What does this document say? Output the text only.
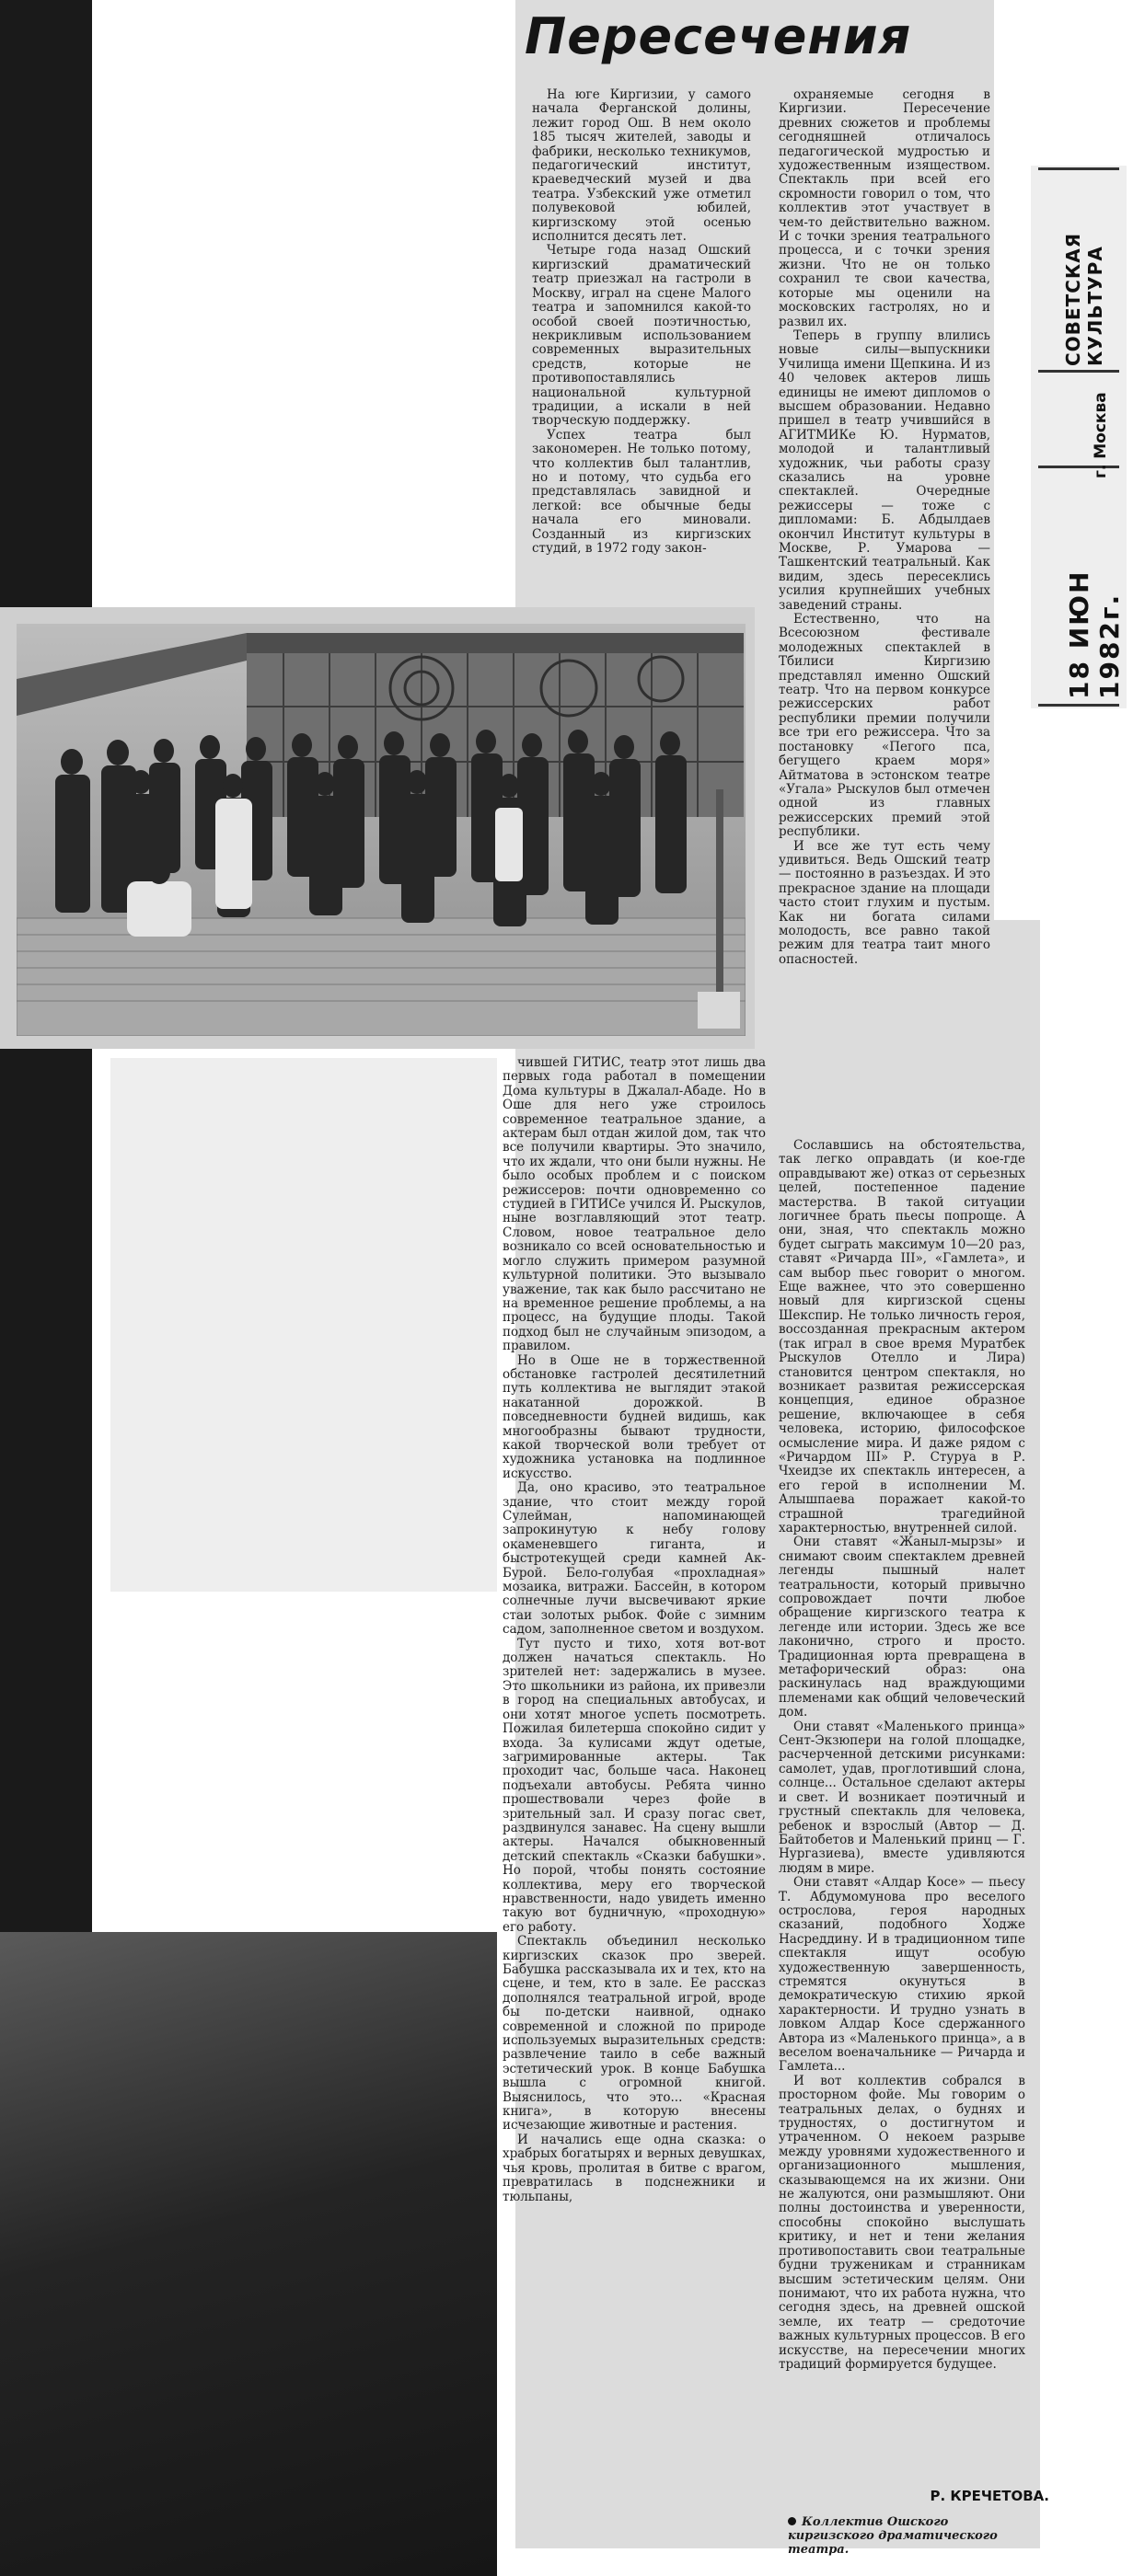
Пересечения

На юге Киргизии, у самого начала Ферганской долины, лежит город Ош. В нем около 185 тысяч жителей, заводы и фабрики, несколько техникумов, педагогический институт, краеведческий музей и два театра. Узбекский уже отметил полувековой юбилей, киргизскому этой осенью исполнится десять лет.

Четыре года назад Ошский киргизский драматический театр приезжал на гастроли в Москву, играл на сцене Малого театра и запомнился какой-то особой своей поэтичностью, некрикливым использованием современных выразительных средств, которые не противопоставлялись национальной культурной традиции, а искали в ней творческую поддержку.

Успех театра был закономерен. Не только потому, что коллектив был талантлив, но и потому, что судьба его представлялась завидной и легкой: все обычные беды начала его миновали. Созданный из киргизских студий, в 1972 году закон-

охраняемые сегодня в Киргизии. Пересечение древних сюжетов и проблемы сегодняшней отличалось педагогической мудростью и художественным изяществом. Спектакль при всей его скромности говорил о том, что коллектив этот участвует в чем-то действительно важном. И с точки зрения театрального процесса, и с точки зрения жизни. Что не он только сохранил те свои качества, которые мы оценили на московских гастролях, но и развил их.

Теперь в группу влились новые силы—выпускники Училища имени Щепкина. И из 40 человек актеров лишь единицы не имеют дипломов о высшем образовании. Недавно пришел в театр учившийся в АГИТМИКе Ю. Нурматов, молодой и талантливый художник, чьи работы сразу сказались на уровне спектаклей. Очередные режиссеры — тоже с дипломами: Б. Абдылдаев окончил Институт культуры в Москве, Р. Умарова — Ташкентский театральный. Как видим, здесь пересеклись усилия крупнейших учебных заведений страны.

Естественно, что на Всесоюзном фестивале молодежных спектаклей в Тбилиси Киргизию представлял именно Ошский театр. Что на первом конкурсе режиссерских работ республики премии получили все три его режиссера. Что за постановку «Пегого пса, бегущего краем моря» Айтматова в эстонском театре «Угала» Рыскулов был отмечен одной из главных режиссерских премий этой республики.

И все же тут есть чему удивиться. Ведь Ошский театр — постоянно в разъездах. И это прекрасное здание на площади часто стоит глухим и пустым. Как ни богата силами молодость, все равно такой режим для театра таит много опасностей.

чившей ГИТИС, театр этот лишь два первых года работал в помещении Дома культуры в Джалал-Абаде. Но в Оше для него уже строилось современное театральное здание, а актерам был отдан жилой дом, так что все получили квартиры. Это значило, что их ждали, что они были нужны. Не было особых проблем и с поиском режиссеров: почти одновременно со студией в ГИТИСе учился И. Рыскулов, ныне возглавляющий этот театр. Словом, новое театральное дело возникало со всей основательностью и могло служить примером разумной культурной политики. Это вызывало уважение, так как было рассчитано не на временное решение проблемы, а на процесс, на будущие плоды. Такой подход был не случайным эпизодом, а правилом.

Но в Оше не в торжественной обстановке гастролей десятилетний путь коллектива не выглядит этакой накатанной дорожкой. В повседневности будней видишь, как многообразны бывают трудности, какой творческой воли требует от художника установка на подлинное искусство.

Да, оно красиво, это театральное здание, что стоит между горой Сулейман, напоминающей запрокинутую к небу голову окаменевшего гиганта, и быстротекущей среди камней Ак-Бурой. Бело-голубая «прохладная» мозаика, витражи. Бассейн, в котором солнечные лучи высвечивают яркие стаи золотых рыбок. Фойе с зимним садом, заполненное светом и воздухом.

Тут пусто и тихо, хотя вот-вот должен начаться спектакль. Но зрителей нет: задержались в музее. Это школьники из района, их привезли в город на специальных автобусах, и они хотят многое успеть посмотреть. Пожилая билетерша спокойно сидит у входа. За кулисами ждут одетые, загримированные актеры. Так проходит час, больше часа. Наконец подъехали автобусы. Ребята чинно прошествовали через фойе в зрительный зал. И сразу погас свет, раздвинулся занавес. На сцену вышли актеры. Начался обыкновенный детский спектакль «Сказки бабушки». Но порой, чтобы понять состояние коллектива, меру его творческой нравственности, надо увидеть именно такую вот будничную, «проходную» его работу.

Спектакль объединил несколько киргизских сказок про зверей. Бабушка рассказывала их и тех, кто на сцене, и тем, кто в зале. Ее рассказ дополнялся театральной игрой, вроде бы по-детски наивной, однако современной и сложной по природе используемых выразительных средств: развлечение таило в себе важный эстетический урок. В конце Бабушка вышла с огромной книгой. Выяснилось, что это... «Красная книга», в которую внесены исчезающие животные и растения.

И начались еще одна сказка: о храбрых богатырях и верных девушках, чья кровь, пролитая в битве с врагом, превратилась в подснежники и тюльпаны,

Сославшись на обстоятельства, так легко оправдать (и кое-где оправдывают же) отказ от серьезных целей, постепенное падение мастерства. В такой ситуации логичнее брать пьесы попроще. А они, зная, что спектакль можно будет сыграть максимум 10—20 раз, ставят «Ричарда III», «Гамлета», и сам выбор пьес говорит о многом. Еще важнее, что это совершенно новый для киргизской сцены Шекспир. Не только личность героя, воссозданная прекрасным актером (так играл в свое время Муратбек Рыскулов Отелло и Лира) становится центром спектакля, но возникает развитая режиссерская концепция, единое образное решение, включающее в себя человека, историю, философское осмысление мира. И даже рядом с «Ричардом III» Р. Стуруа в Р. Чхеидзе их спектакль интересен, а его герой в исполнении М. Алышпаева поражает какой-то страшной трагедийной характерностью, внутренней силой.

Они ставят «Жаныл-мырзы» и снимают своим спектаклем древней легенды пышный налет театральности, который привычно сопровождает почти любое обращение киргизского театра к легенде или истории. Здесь же все лаконично, строго и просто. Традиционная юрта превращена в метафорический образ: она раскинулась над враждующими племенами как общий человеческий дом.

Они ставят «Маленького принца» Сент-Экзюпери на голой площадке, расчерченной детскими рисунками: самолет, удав, проглотивший слона, солнце... Остальное сделают актеры и свет. И возникает поэтичный и грустный спектакль для человека, ребенок и взрослый (Автор — Д. Байтобетов и Маленький принц — Г. Нургазиева), вместе удивляются людям в мире.

Они ставят «Алдар Косе» — пьесу Т. Абдумомунова про веселого острослова, героя народных сказаний, подобного Ходже Насреддину. И в традиционном типе спектакля ищут особую художественную завершенность, стремятся окунуться в демократическую стихию яркой характерности. И трудно узнать в ловком Алдар Косе сдержанного Автора из «Маленького принца», а в веселом военачальнике — Ричарда и Гамлета...

И вот коллектив собрался в просторном фойе. Мы говорим о театральных делах, о буднях и трудностях, о достигнутом и утраченном. О некоем разрыве между уровнями художественного и организационного мышления, сказывающемся на их жизни. Они не жалуются, они размышляют. Они полны достоинства и уверенности, способны спокойно выслушать критику, и нет и тени желания противопоставить свои театральные будни труженикам и странникам высшим эстетическим целям. Они понимают, что их работа нужна, что сегодня здесь, на древней ошской земле, их театр — средоточие важных культурных процессов. В его искусстве, на пересечении многих традиций формируется будущее.

Р. КРЕЧЕТОВА.
Коллектив Ошского киргизского драматического театра.
СОВЕТСКАЯ КУЛЬТУРА
г. Москва
18 ИЮН 1982г.
